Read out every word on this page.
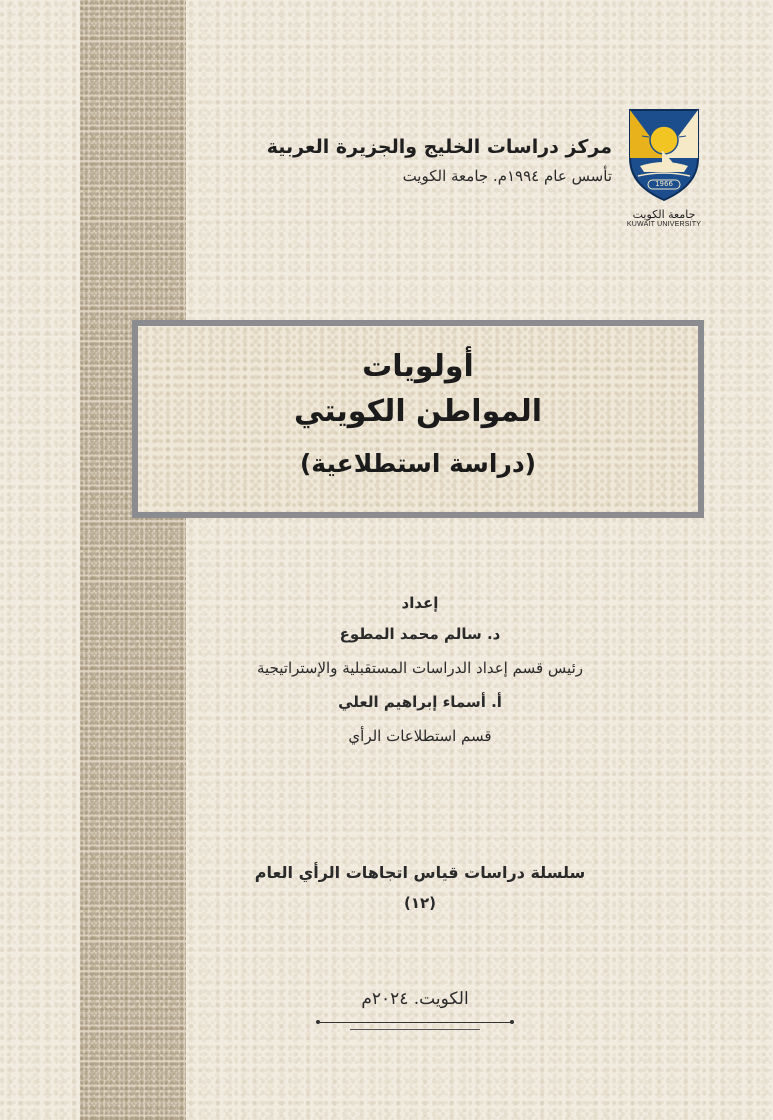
مركز دراسات الخليج والجزيرة العربية
تأسس عام ١٩٩٤م. جامعة الكويت	1966
جامعة الكويت
KUWAIT UNIVERSITY
أولويات
المواطن الكويتي
(دراسة استطلاعية)
إعداد
د. سالم محمد المطوع
رئيس قسم إعداد الدراسات المستقبلية والإستراتيجية
أ. أسماء إبراهيم العلي
قسم استطلاعات الرأي
سلسلة دراسات قياس اتجاهات الرأي العام
(١٢)
الكويت. ٢٠٢٤م
